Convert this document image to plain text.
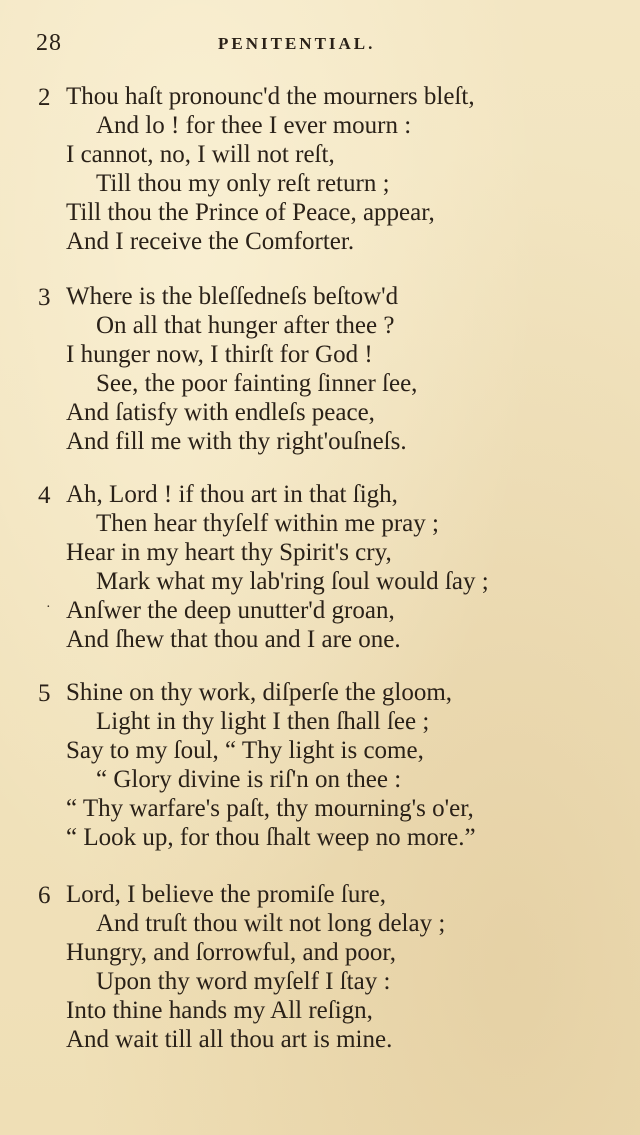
28	PENITENTIAL.
2 Thou haſt pronounc'd the mourners bleſt,
And lo ! for thee I ever mourn :
I cannot, no, I will not reſt,
Till thou my only reſt return ;
Till thou the Prince of Peace, appear,
And I receive the Comforter.
3 Where is the bleſſedneſs beſtow'd
On all that hunger after thee ?
I hunger now, I thirſt for God !
See, the poor fainting ſinner ſee,
And ſatisfy with endleſs peace,
And fill me with thy right'ouſneſs.
4 Ah, Lord ! if thou art in that ſigh,
Then hear thyſelf within me pray ;
Hear in my heart thy Spirit's cry,
Mark what my lab'ring ſoul would ſay ;
Anſwer the deep unutter'd groan,
And ſhew that thou and I are one.
5 Shine on thy work, diſperſe the gloom,
Light in thy light I then ſhall ſee ;
Say to my ſoul, “ Thy light is come,
“ Glory divine is riſ'n on thee :
“ Thy warfare's paſt, thy mourning's o'er,
“ Look up, for thou ſhalt weep no more.”
6 Lord, I believe the promiſe ſure,
And truſt thou wilt not long delay ;
Hungry, and ſorrowful, and poor,
Upon thy word myſelf I ſtay :
Into thine hands my All reſign,
And wait till all thou art is mine.
·
